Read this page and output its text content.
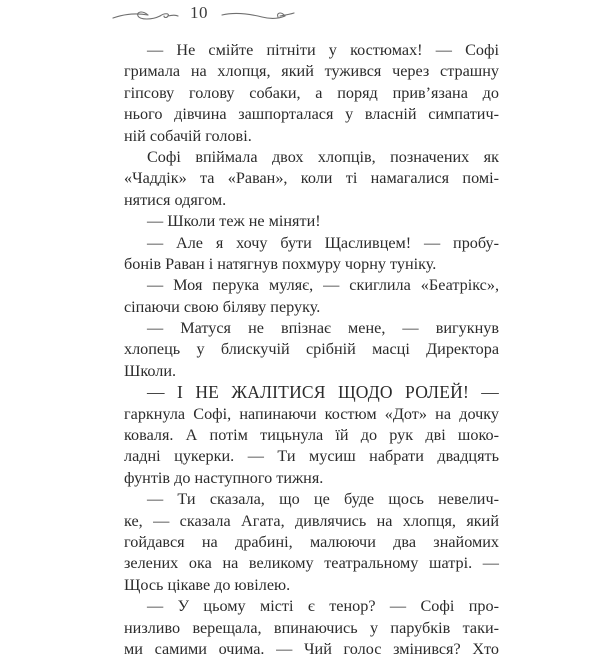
10
— Не смійте пітніти у костюмах! — Софі
гримала на хлопця, який тужився через страшну
гіпсову голову собаки, а поряд прив’язана до
нього дівчина зашпорталася у власній симпатич-
ній собачій голові.
Софі впіймала двох хлопців, позначених як
«Чаддік» та «Раван», коли ті намагалися помі-
нятися одягом.
— Школи теж не міняти!
— Але я хочу бути Щасливцем! — пробу-
бонів Раван і натягнув похмуру чорну туніку.
— Моя перука муляє, — скиглила «Беатрікс»,
сіпаючи свою біляву перуку.
— Матуся не впізнає мене, — вигукнув
хлопець у блискучій срібній масці Директора
Школи.
— І НЕ ЖАЛІТИСЯ ЩОДО РОЛЕЙ! —
гаркнула Софі, напинаючи костюм «Дот» на дочку
коваля. А потім тицьнула їй до рук дві шоко-
ладні цукерки. — Ти мусиш набрати двадцять
фунтів до наступного тижня.
— Ти сказала, що це буде щось невелич-
ке, — сказала Агата, дивлячись на хлопця, який
гойдався на драбині, малюючи два знайомих
зелених ока на великому театральному шатрі. —
Щось цікаве до ювілею.
— У цьому місті є тенор? — Софі про-
низливо верещала, впинаючись у парубків таки-
ми самими очима. — Чий голос змінився? Хто
